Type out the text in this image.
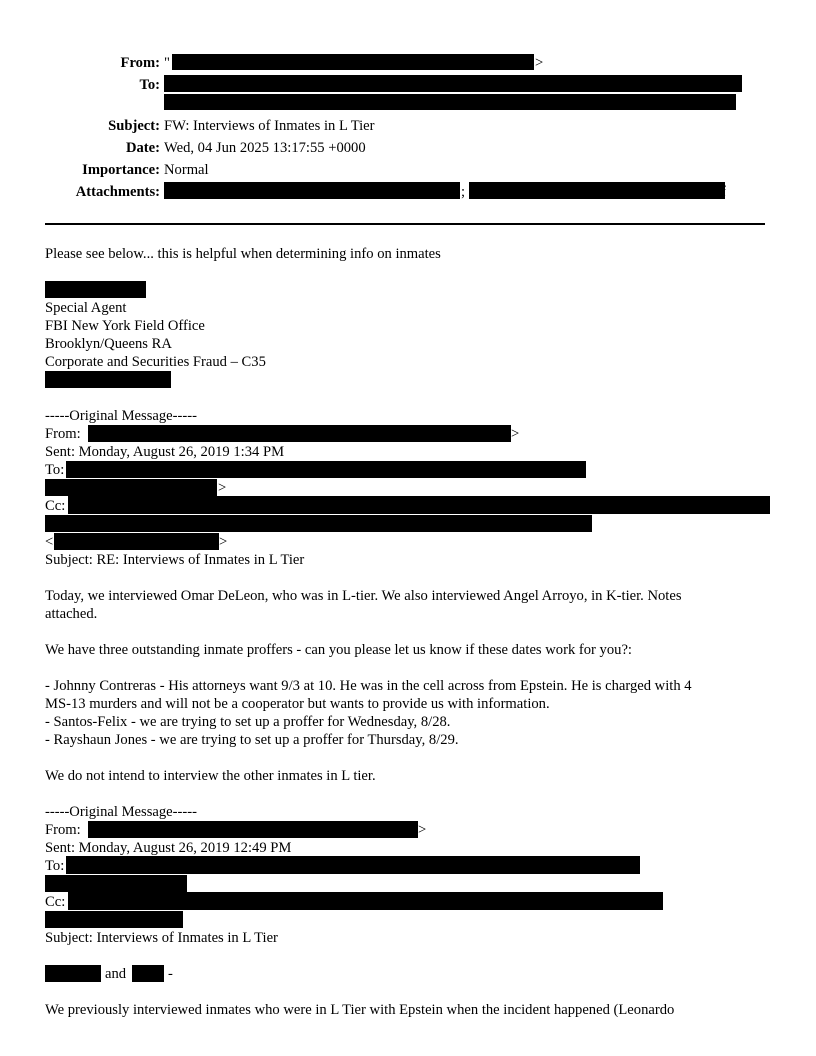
From: "	>
To:
Subject: FW: Interviews of Inmates in L Tier
Date: Wed, 04 Jun 2025 13:17:55 +0000
Importance: Normal
Attachments:	;	f
Please see below... this is helpful when determining info on inmates
Special Agent
FBI New York Field Office
Brooklyn/Queens RA
Corporate and Securities Fraud – C35
-----Original Message-----
From:	>
Sent: Monday, August 26, 2019 1:34 PM
To:
>
Cc:
<	>
Subject: RE: Interviews of Inmates in L Tier
Today, we interviewed Omar DeLeon, who was in L-tier. We also interviewed Angel Arroyo, in K-tier. Notes
attached.
We have three outstanding inmate proffers - can you please let us know if these dates work for you?:
- Johnny Contreras - His attorneys want 9/3 at 10. He was in the cell across from Epstein. He is charged with 4
MS-13 murders and will not be a cooperator but wants to provide us with information.
- Santos-Felix - we are trying to set up a proffer for Wednesday, 8/28.
- Rayshaun Jones - we are trying to set up a proffer for Thursday, 8/29.
We do not intend to interview the other inmates in L tier.
-----Original Message-----
From:	>
Sent: Monday, August 26, 2019 12:49 PM
To:
Cc:
Subject: Interviews of Inmates in L Tier
and	-
We previously interviewed inmates who were in L Tier with Epstein when the incident happened (Leonardo
